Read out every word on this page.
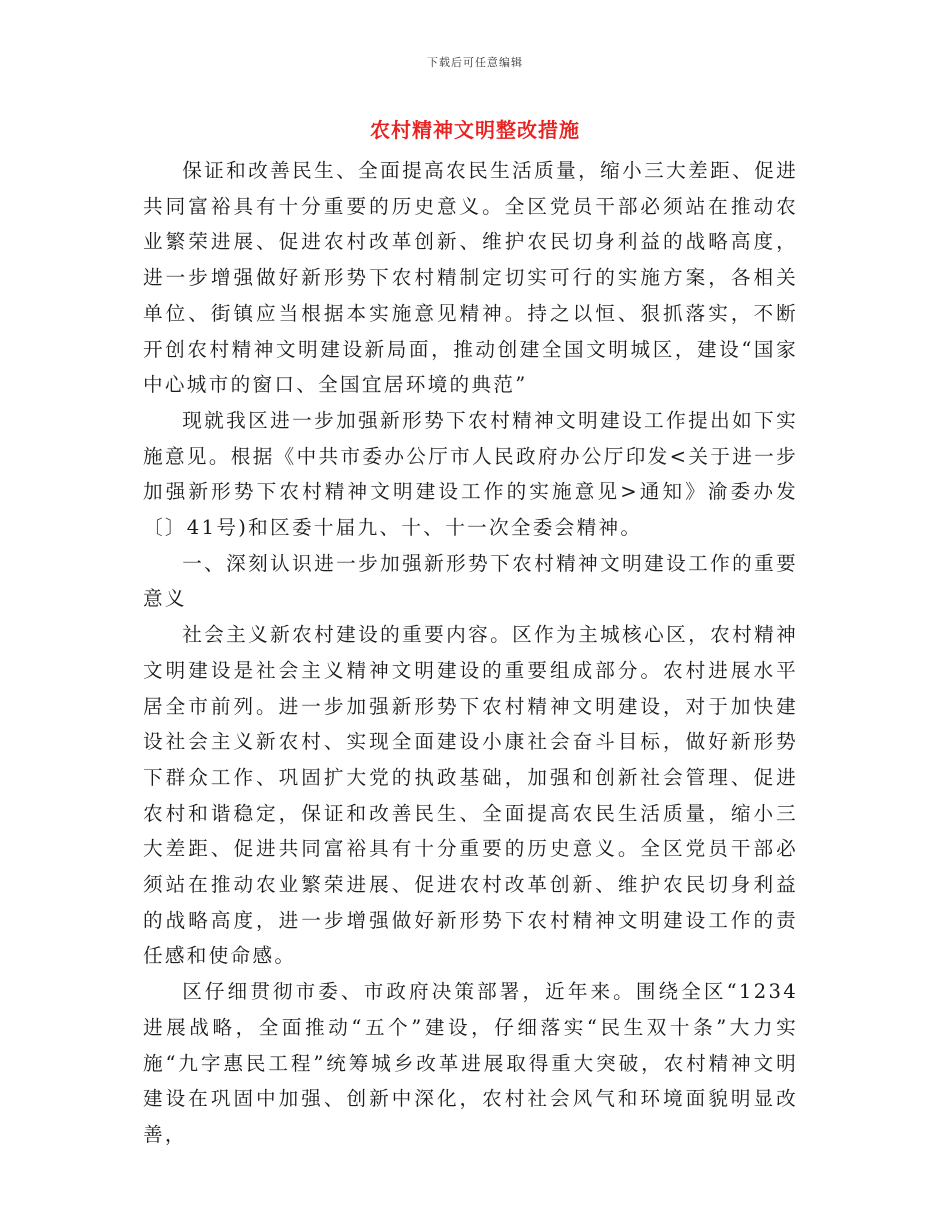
下载后可任意编辑
农村精神文明整改措施

保证和改善民生、全面提高农民生活质量，缩小三大差距、促进共同富裕具有十分重要的历史意义。全区党员干部必须站在推动农业繁荣进展、促进农村改革创新、维护农民切身利益的战略高度，进一步增强做好新形势下农村精制定切实可行的实施方案，各相关单位、街镇应当根据本实施意见精神。持之以恒、狠抓落实，不断开创农村精神文明建设新局面，推动创建全国文明城区，建设“国家中心城市的窗口、全国宜居环境的典范”

现就我区进一步加强新形势下农村精神文明建设工作提出如下实施意见。根据《中共市委办公厅市人民政府办公厅印发<关于进一步加强新形势下农村精神文明建设工作的实施意见>通知》渝委办发〔〕41号)和区委十届九、十、十一次全委会精神。

一、深刻认识进一步加强新形势下农村精神文明建设工作的重要意义

社会主义新农村建设的重要内容。区作为主城核心区，农村精神文明建设是社会主义精神文明建设的重要组成部分。农村进展水平居全市前列。进一步加强新形势下农村精神文明建设，对于加快建设社会主义新农村、实现全面建设小康社会奋斗目标，做好新形势下群众工作、巩固扩大党的执政基础，加强和创新社会管理、促进农村和谐稳定，保证和改善民生、全面提高农民生活质量，缩小三大差距、促进共同富裕具有十分重要的历史意义。全区党员干部必须站在推动农业繁荣进展、促进农村改革创新、维护农民切身利益的战略高度，进一步增强做好新形势下农村精神文明建设工作的责任感和使命感。

区仔细贯彻市委、市政府决策部署，近年来。围绕全区“1234进展战略，全面推动“五个”建设，仔细落实“民生双十条”大力实施“九字惠民工程”统筹城乡改革进展取得重大突破，农村精神文明建设在巩固中加强、创新中深化，农村社会风气和环境面貌明显改善，
